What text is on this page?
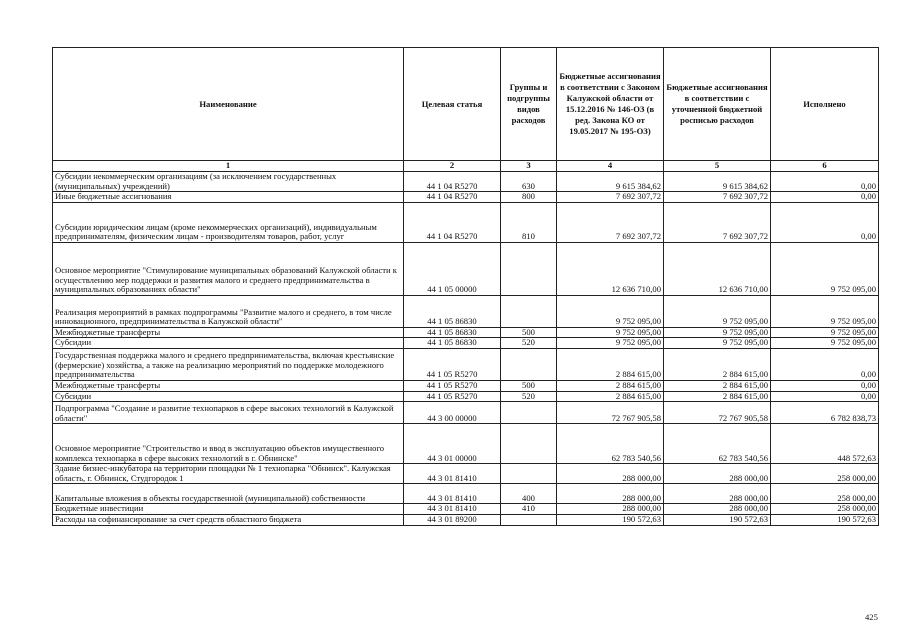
Наименование	Целевая статья	Группы и подгруппы видов расходов	Бюджетные ассигнования в соответствии с Законом Калужской области от 15.12.2016 № 146-ОЗ (в ред. Закона КО от 19.05.2017 № 195-ОЗ)	Бюджетные ассигнования в соответствии с уточненной бюджетной росписью расходов	Исполнено
1	2	3	4	5	6
Субсидии некоммерческим организациям (за исключением государственных (муниципальных) учреждений)	44 1 04 R5270	630	9 615 384,62	9 615 384,62	0,00
Иные бюджетные ассигнования	44 1 04 R5270	800	7 692 307,72	7 692 307,72	0,00
Субсидии юридическим лицам (кроме некоммерческих организаций), индивидуальным предпринимателям, физическим лицам - производителям товаров, работ, услуг	44 1 04 R5270	810	7 692 307,72	7 692 307,72	0,00
Основное мероприятие "Стимулирование муниципальных образований Калужской области к осуществлению мер поддержки и развития малого и среднего предпринимательства в муниципальных образованиях области"	44 1 05 00000		12 636 710,00	12 636 710,00	9 752 095,00
Реализация мероприятий в рамках подпрограммы "Развитие малого и среднего, в том числе инновационного, предпринимательства в Калужской области"	44 1 05 86830		9 752 095,00	9 752 095,00	9 752 095,00
Межбюджетные трансферты	44 1 05 86830	500	9 752 095,00	9 752 095,00	9 752 095,00
Субсидии	44 1 05 86830	520	9 752 095,00	9 752 095,00	9 752 095,00
Государственная поддержка малого и среднего предпринимательства, включая крестьянские (фермерские) хозяйства, а также на реализацию мероприятий по поддержке молодежного предпринимательства	44 1 05 R5270		2 884 615,00	2 884 615,00	0,00
Межбюджетные трансферты	44 1 05 R5270	500	2 884 615,00	2 884 615,00	0,00
Субсидии	44 1 05 R5270	520	2 884 615,00	2 884 615,00	0,00
Подпрограмма "Создание и развитие технопарков в сфере высоких технологий в Калужской области"	44 3 00 00000		72 767 905,58	72 767 905,58	6 782 838,73
Основное мероприятие "Строительство и ввод в эксплуатацию объектов имущественного комплекса технопарка в сфере высоких технологий в г. Обнинске"	44 3 01 00000		62 783 540,56	62 783 540,56	448 572,63
Здание бизнес-инкубатора на территории площадки № 1 технопарка "Обнинск". Калужская область, г. Обнинск, Студгородок 1	44 3 01 81410		288 000,00	288 000,00	258 000,00
Капитальные вложения в объекты государственной (муниципальной) собственности	44 3 01 81410	400	288 000,00	288 000,00	258 000,00
Бюджетные инвестиции	44 3 01 81410	410	288 000,00	288 000,00	258 000,00
Расходы на софинансирование за счет средств областного бюджета	44 3 01 89200		190 572,63	190 572,63	190 572,63
425
